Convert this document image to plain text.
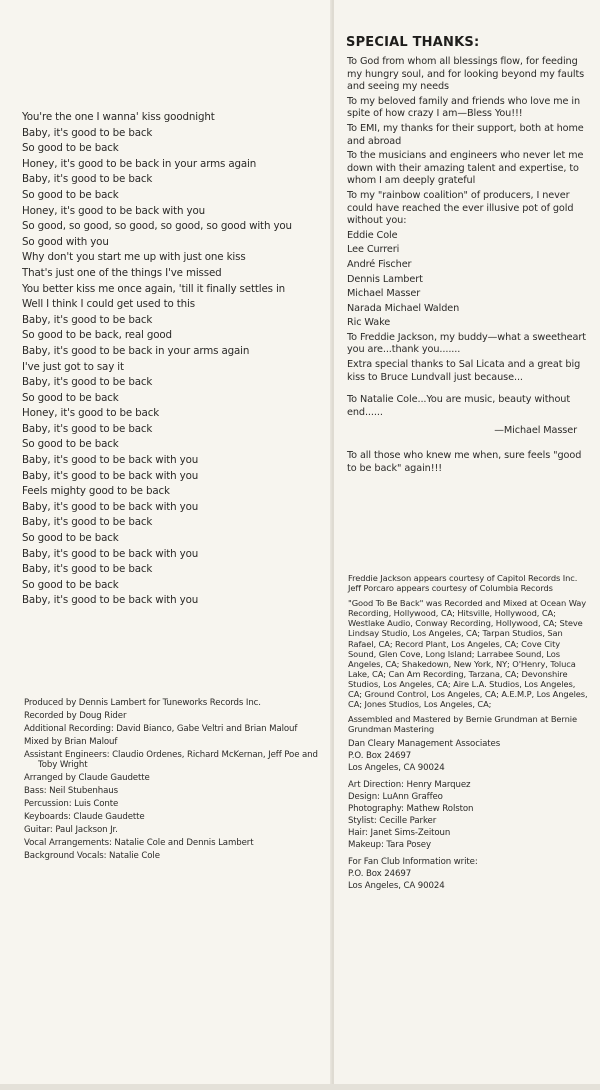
You're the one I wanna' kiss goodnight
Baby, it's good to be back
So good to be back
Honey, it's good to be back in your arms again
Baby, it's good to be back
So good to be back
Honey, it's good to be back with you
So good, so good, so good, so good, so good with you
So good with you
Why don't you start me up with just one kiss
That's just one of the things I've missed
You better kiss me once again, 'till it finally settles in
Well I think I could get used to this
Baby, it's good to be back
So good to be back, real good
Baby, it's good to be back in your arms again
I've just got to say it
Baby, it's good to be back
So good to be back
Honey, it's good to be back
Baby, it's good to be back
So good to be back
Baby, it's good to be back with you
Baby, it's good to be back with you
Feels mighty good to be back
Baby, it's good to be back with you
Baby, it's good to be back
So good to be back
Baby, it's good to be back with you
Baby, it's good to be back
So good to be back
Baby, it's good to be back with you
Produced by Dennis Lambert for Tuneworks Records Inc.
Recorded by Doug Rider
Additional Recording: David Bianco, Gabe Veltri and Brian Malouf
Mixed by Brian Malouf
Assistant Engineers: Claudio Ordenes, Richard McKernan, Jeff Poe and Toby Wright
Arranged by Claude Gaudette
Bass: Neil Stubenhaus
Percussion: Luis Conte
Keyboards: Claude Gaudette
Guitar: Paul Jackson Jr.
Vocal Arrangements: Natalie Cole and Dennis Lambert
Background Vocals: Natalie Cole
SPECIAL THANKS:

To God from whom all blessings flow, for feeding my hungry soul, and for looking beyond my faults and seeing my needs

To my beloved family and friends who love me in spite of how crazy I am—Bless You!!!

To EMI, my thanks for their support, both at home and abroad

To the musicians and engineers who never let me down with their amazing talent and expertise, to whom I am deeply grateful

To my "rainbow coalition" of producers, I never could have reached the ever illusive pot of gold without you:

Eddie Cole
Lee Curreri
André Fischer
Dennis Lambert
Michael Masser
Narada Michael Walden
Ric Wake

To Freddie Jackson, my buddy—what a sweetheart you are...thank you.......

Extra special thanks to Sal Licata and a great big kiss to Bruce Lundvall just because...

To Natalie Cole...You are music, beauty without end......

—Michael Masser

To all those who knew me when, sure feels "good to be back" again!!!

Freddie Jackson appears courtesy of Capitol Records Inc. Jeff Porcaro appears courtesy of Columbia Records

"Good To Be Back" was Recorded and Mixed at Ocean Way Recording, Hollywood, CA; Hitsville, Hollywood, CA; Westlake Audio, Conway Recording, Hollywood, CA; Steve Lindsay Studio, Los Angeles, CA; Tarpan Studios, San Rafael, CA; Record Plant, Los Angeles, CA; Cove City Sound, Glen Cove, Long Island; Larrabee Sound, Los Angeles, CA; Shakedown, New York, NY; O'Henry, Toluca Lake, CA; Can Am Recording, Tarzana, CA; Devonshire Studios, Los Angeles, CA; Aire L.A. Studios, Los Angeles, CA; Ground Control, Los Angeles, CA; A.E.M.P, Los Angeles, CA; Jones Studios, Los Angeles, CA;

Assembled and Mastered by Bernie Grundman at Bernie Grundman Mastering

Dan Cleary Management Associates
P.O. Box 24697
Los Angeles, CA 90024
Art Direction: Henry Marquez
Design: LuAnn Graffeo
Photography: Mathew Rolston
Stylist: Cecille Parker
Hair: Janet Sims-Zeitoun
Makeup: Tara Posey
For Fan Club Information write:
P.O. Box 24697
Los Angeles, CA 90024
